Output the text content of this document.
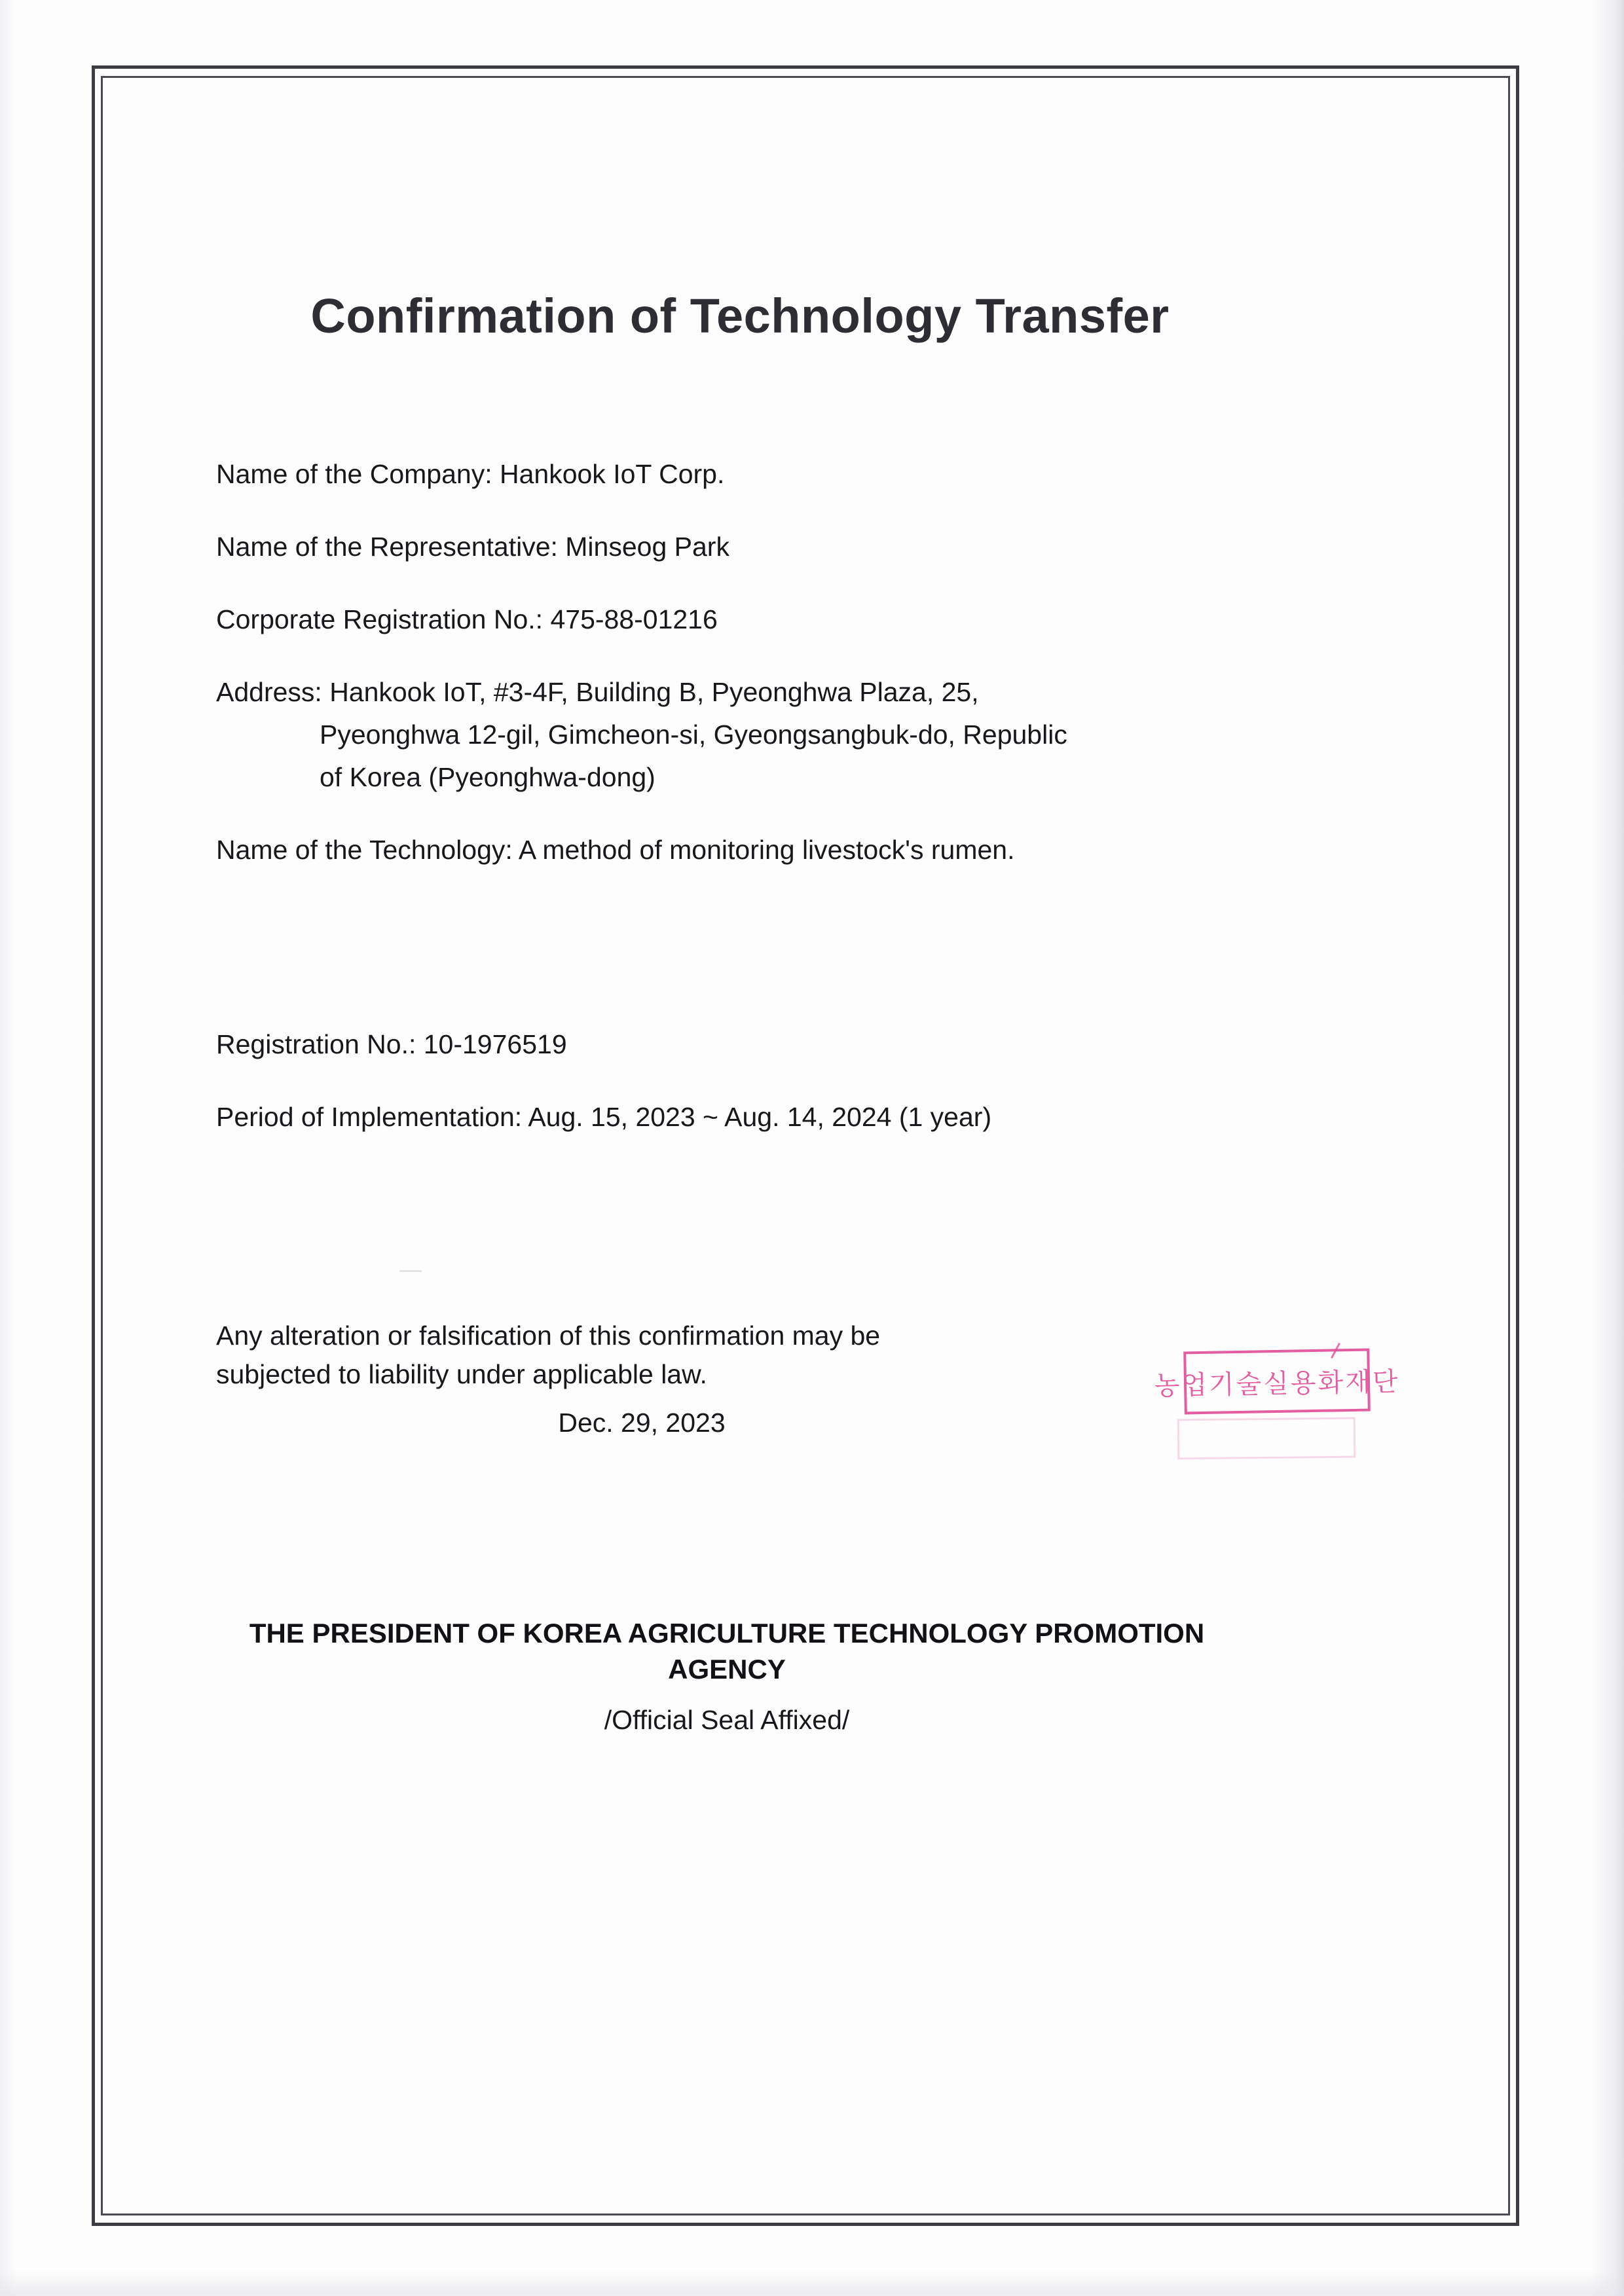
Confirmation of Technology Transfer

Name of the Company: Hankook IoT Corp.

Name of the Representative: Minseog Park

Corporate Registration No.: 475-88-01216

Address: Hankook IoT, #3-4F, Building B, Pyeonghwa Plaza, 25,

Pyeonghwa 12-gil, Gimcheon-si, Gyeongsangbuk-do, Republic

of Korea (Pyeonghwa-dong)

Name of the Technology: A method of monitoring livestock's rumen.

Registration No.: 10-1976519

Period of Implementation: Aug. 15, 2023 ~ Aug. 14, 2024 (1 year)

Any alteration or falsification of this confirmation may be subjected to liability under applicable law.

Dec. 29, 2023

THE PRESIDENT OF KOREA AGRICULTURE TECHNOLOGY PROMOTION AGENCY

/Official Seal Affixed/

농업기술실용화재단
